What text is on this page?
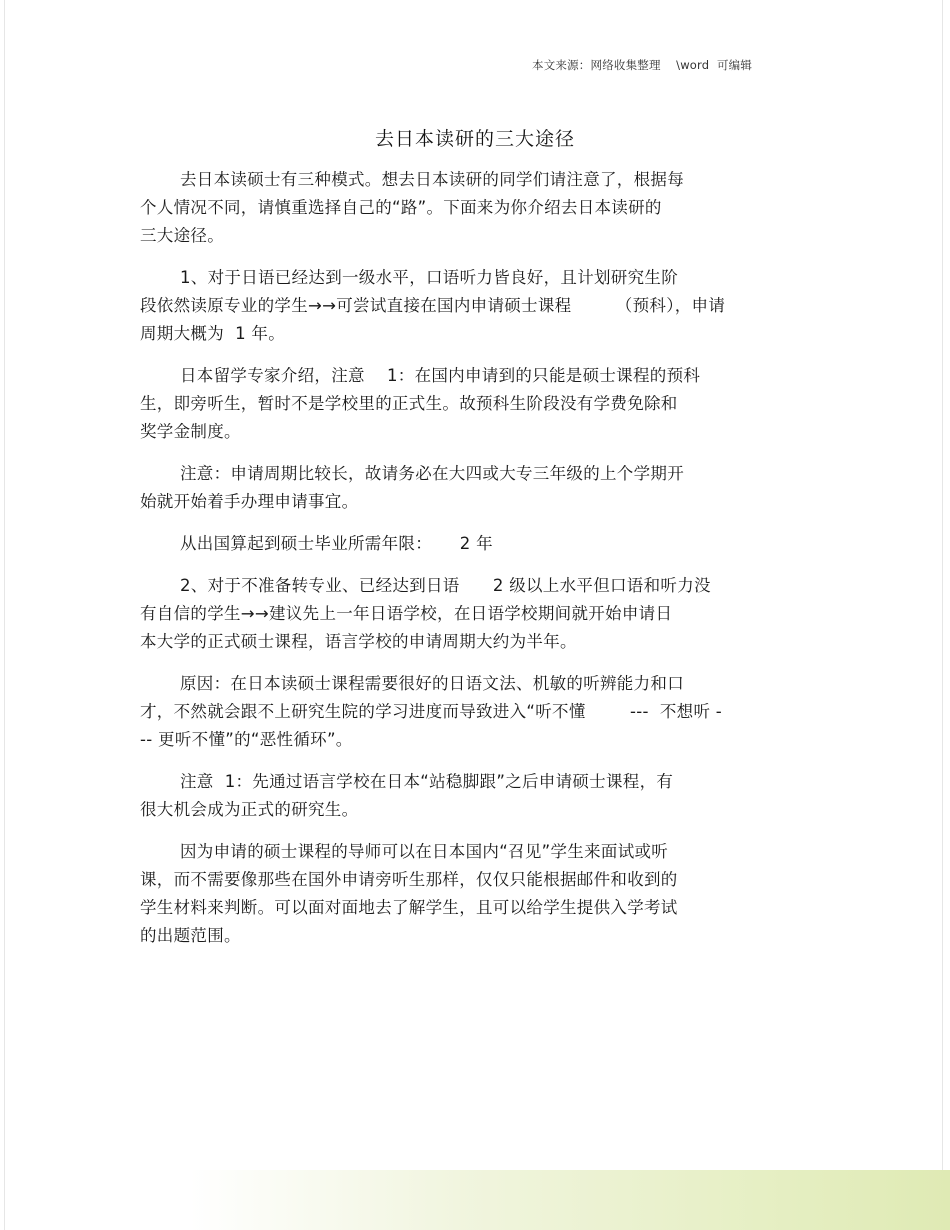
本文来源：网络收集整理    \word  可编辑
去日本读研的三大途径
去日本读硕士有三种模式。想去日本读研的同学们请注意了，根据每
个人情况不同，请慎重选择自己的“路”。下面来为你介绍去日本读研的
三大途径。
1、对于日语已经达到一级水平，口语听力皆良好，且计划研究生阶
段依然读原专业的学生→→可尝试直接在国内申请硕士课程        （预科），申请
周期大概为  1 年。
日本留学专家介绍，注意    1：在国内申请到的只能是硕士课程的预科
生，即旁听生，暂时不是学校里的正式生。故预科生阶段没有学费免除和
奖学金制度。
注意：申请周期比较长，故请务必在大四或大专三年级的上个学期开
始就开始着手办理申请事宜。
从出国算起到硕士毕业所需年限：     2 年
2、对于不准备转专业、已经达到日语      2 级以上水平但口语和听力没
有自信的学生→→建议先上一年日语学校，在日语学校期间就开始申请日
本大学的正式硕士课程，语言学校的申请周期大约为半年。
原因：在日本读硕士课程需要很好的日语文法、机敏的听辨能力和口
才，不然就会跟不上研究生院的学习进度而导致进入“听不懂        ---  不想听 -
-- 更听不懂”的“恶性循环”。
注意  1：先通过语言学校在日本“站稳脚跟”之后申请硕士课程，有
很大机会成为正式的研究生。
因为申请的硕士课程的导师可以在日本国内“召见”学生来面试或听
课，而不需要像那些在国外申请旁听生那样，仅仅只能根据邮件和收到的
学生材料来判断。可以面对面地去了解学生，且可以给学生提供入学考试
的出题范围。
